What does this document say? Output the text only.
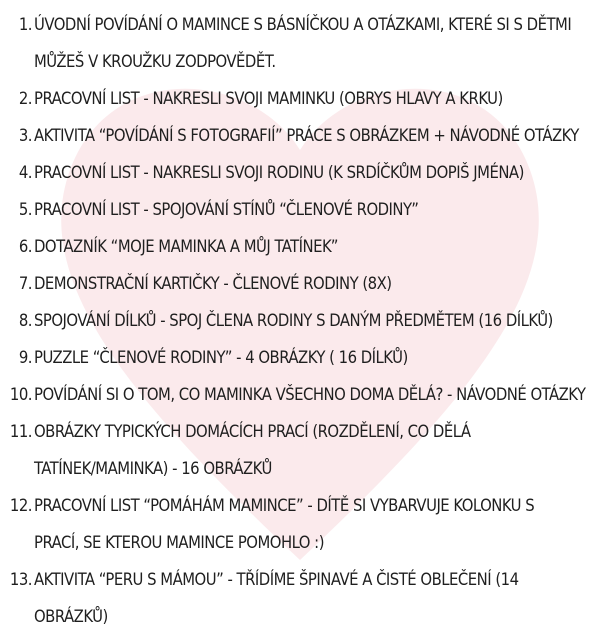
1. ÚVODNÍ POVÍDÁNÍ O MAMINCE S BÁSNÍČKOU A OTÁZKAMI, KTERÉ SI S DĚTMI
MŮŽEŠ V KROUŽKU ZODPOVĚDĚT.
2. PRACOVNÍ LIST - NAKRESLI SVOJI MAMINKU (OBRYS HLAVY A KRKU)
3. AKTIVITA “POVÍDÁNÍ S FOTOGRAFIÍ” PRÁCE S OBRÁZKEM + NÁVODNÉ OTÁZKY
4. PRACOVNÍ LIST - NAKRESLI SVOJI RODINU (K SRDÍČKŮM DOPIŠ JMÉNA)
5. PRACOVNÍ LIST - SPOJOVÁNÍ STÍNŮ “ČLENOVÉ RODINY”
6. DOTAZNÍK “MOJE MAMINKA A MŮJ TATÍNEK”
7. DEMONSTRAČNÍ KARTIČKY - ČLENOVÉ RODINY (8X)
8. SPOJOVÁNÍ DÍLKŮ - SPOJ ČLENA RODINY S DANÝM PŘEDMĚTEM (16 DÍLKŮ)
9. PUZZLE “ČLENOVÉ RODINY” - 4 OBRÁZKY ( 16 DÍLKŮ)
10. POVÍDÁNÍ SI O TOM, CO MAMINKA VŠECHNO DOMA DĚLÁ? - NÁVODNÉ OTÁZKY
11. OBRÁZKY TYPICKÝCH DOMÁCÍCH PRACÍ (ROZDĚLENÍ, CO DĚLÁ
TATÍNEK/MAMINKA) - 16 OBRÁZKŮ
12. PRACOVNÍ LIST “POMÁHÁM MAMINCE” - DÍTĚ SI VYBARVUJE KOLONKU S
PRACÍ, SE KTEROU MAMINCE POMOHLO :)
13. AKTIVITA “PERU S MÁMOU” - TŘÍDÍME ŠPINAVÉ A ČISTÉ OBLEČENÍ (14
OBRÁZKŮ)
